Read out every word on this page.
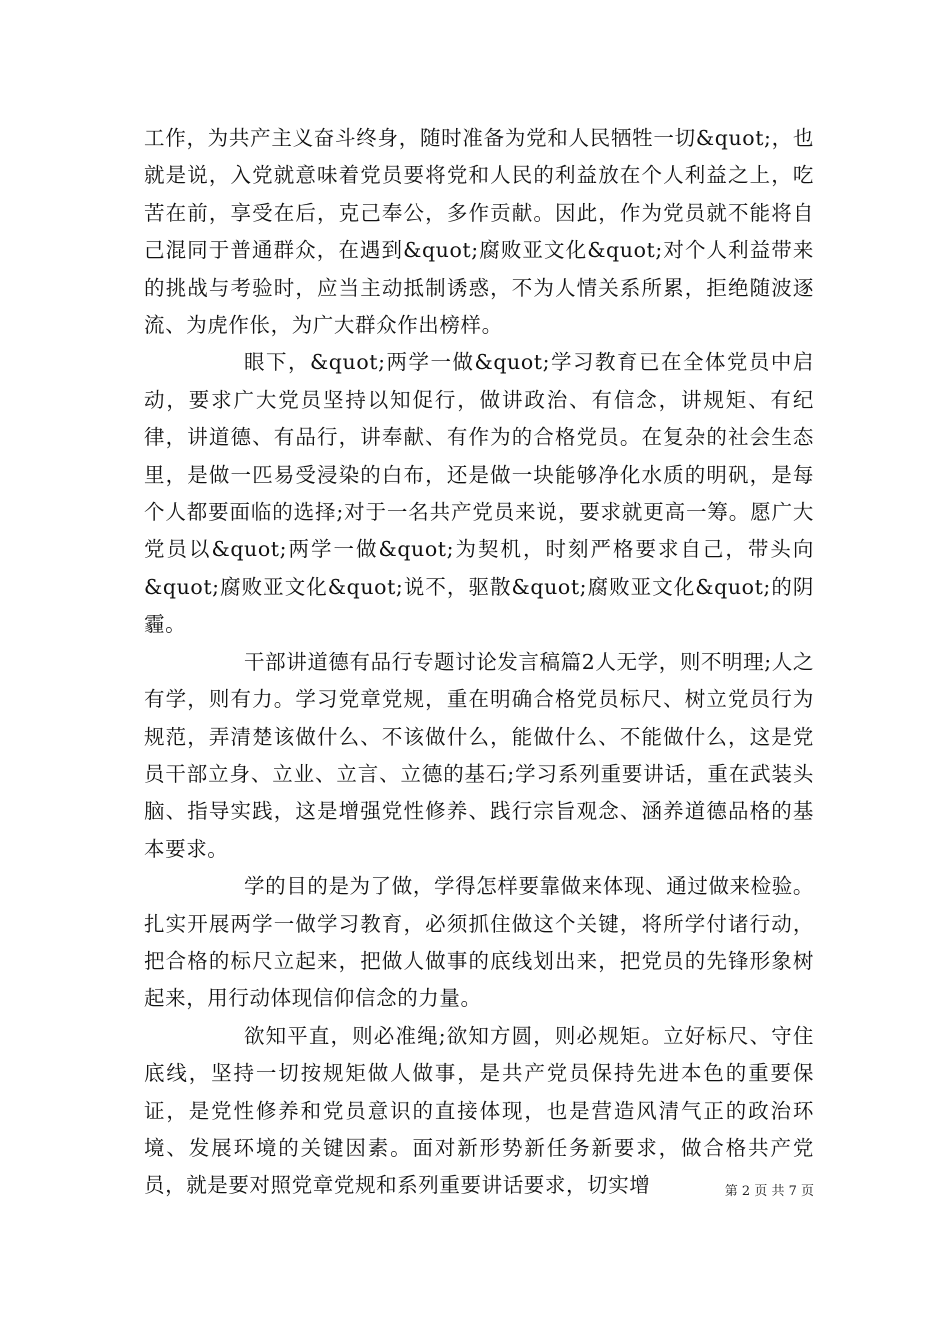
工作，为共产主义奋斗终身，随时准备为党和人民牺牲一切&quot;，也就是说，入党就意味着党员要将党和人民的利益放在个人利益之上，吃苦在前，享受在后，克己奉公，多作贡献。因此，作为党员就不能将自己混同于普通群众，在遇到&quot;腐败亚文化&quot;对个人利益带来的挑战与考验时，应当主动抵制诱惑，不为人情关系所累，拒绝随波逐流、为虎作伥，为广大群众作出榜样。

眼下，&quot;两学一做&quot;学习教育已在全体党员中启动，要求广大党员坚持以知促行，做讲政治、有信念，讲规矩、有纪律，讲道德、有品行，讲奉献、有作为的合格党员。在复杂的社会生态里，是做一匹易受浸染的白布，还是做一块能够净化水质的明矾，是每个人都要面临的选择;对于一名共产党员来说，要求就更高一筹。愿广大党员以&quot;两学一做&quot;为契机，时刻严格要求自己，带头向&quot;腐败亚文化&quot;说不，驱散&quot;腐败亚文化&quot;的阴霾。

干部讲道德有品行专题讨论发言稿篇2人无学，则不明理;人之有学，则有力。学习党章党规，重在明确合格党员标尺、树立党员行为规范，弄清楚该做什么、不该做什么，能做什么、不能做什么，这是党员干部立身、立业、立言、立德的基石;学习系列重要讲话，重在武装头脑、指导实践，这是增强党性修养、践行宗旨观念、涵养道德品格的基本要求。

学的目的是为了做，学得怎样要靠做来体现、通过做来检验。扎实开展两学一做学习教育，必须抓住做这个关键，将所学付诸行动，把合格的标尺立起来，把做人做事的底线划出来，把党员的先锋形象树起来，用行动体现信仰信念的力量。

欲知平直，则必准绳;欲知方圆，则必规矩。立好标尺、守住底线，坚持一切按规矩做人做事，是共产党员保持先进本色的重要保证，是党性修养和党员意识的直接体现，也是营造风清气正的政治环境、发展环境的关键因素。面对新形势新任务新要求，做合格共产党员，就是要对照党章党规和系列重要讲话要求，切实增	第 2 页 共 7 页
